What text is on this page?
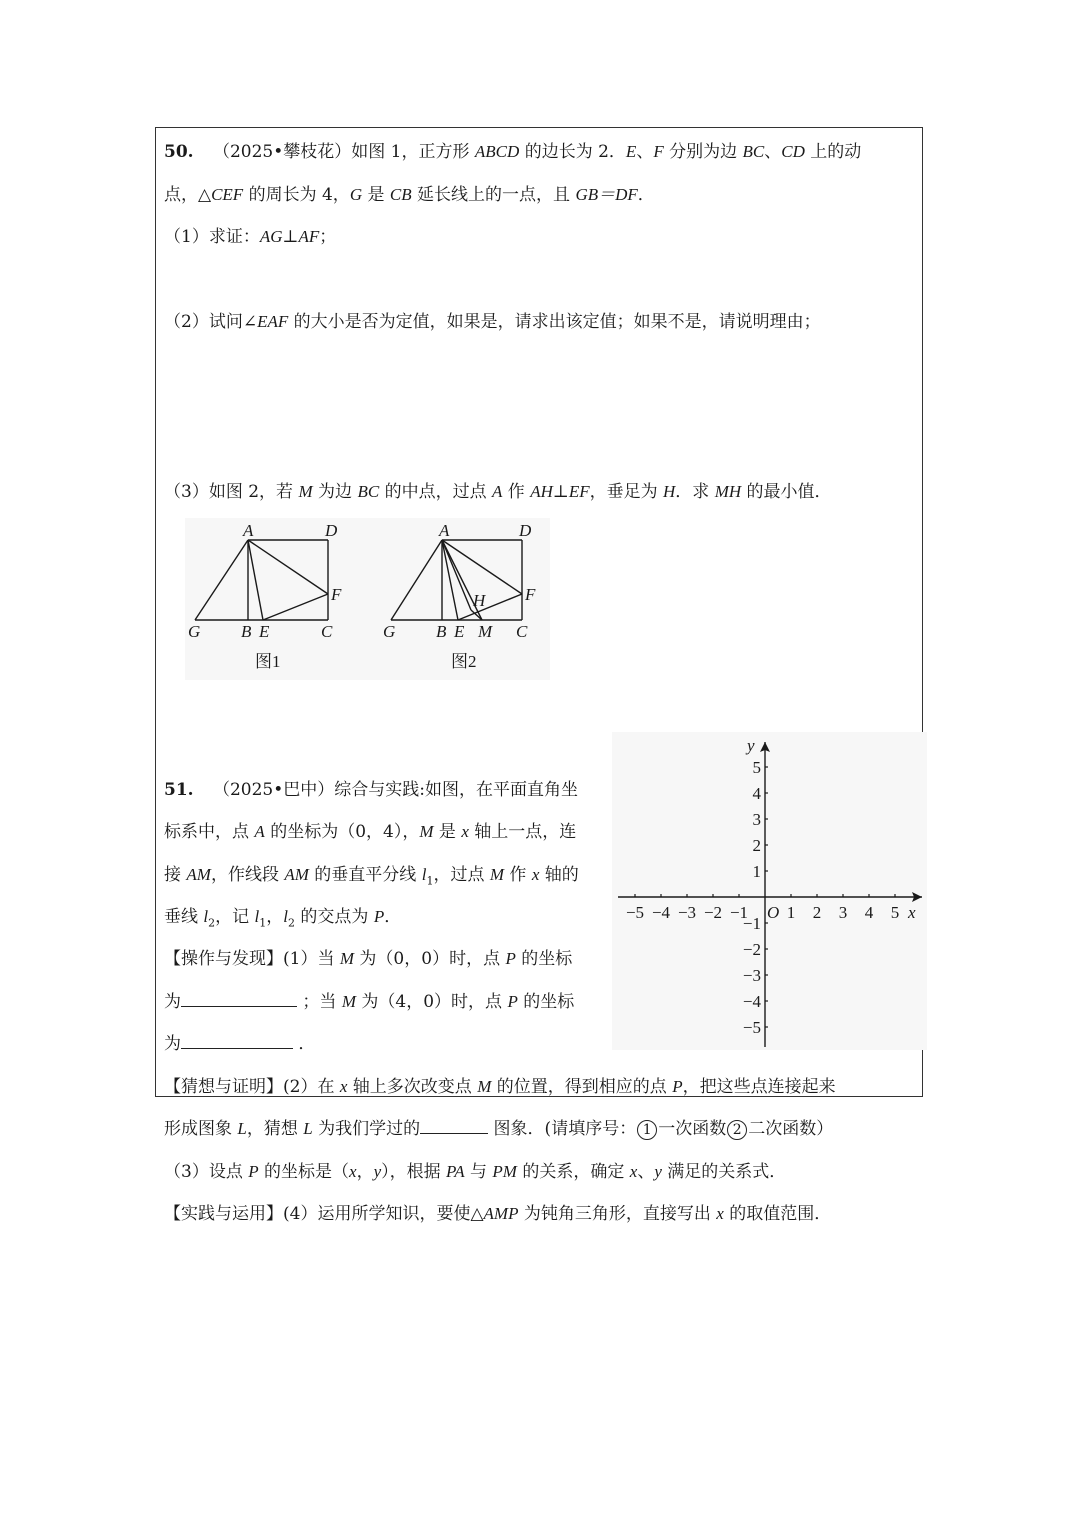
50. （2025•攀枝花）如图 1，正方形 ABCD 的边长为 2．E、F 分别为边 BC、CD 上的动
点，△CEF 的周长为 4，G 是 CB 延长线上的一点，且 GB＝DF．
（1）求证：AG⊥AF；
（2）试问∠EAF 的大小是否为定值，如果是，请求出该定值；如果不是，请说明理由；
（3）如图 2，若 M 为边 BC 的中点，过点 A 作 AH⊥EF，垂足为 H．求 MH 的最小值．
A	D
F
G B E	C
图1
A	D
F
H
G B E M C
图2
51. （2025•巴中）综合与实践:如图，在平面直角坐
标系中，点 A 的坐标为（0，4），M 是 x 轴上一点，连
接 AM，作线段 AM 的垂直平分线 $l_1$，过点 M 作 x 轴的
垂线 $l_2$，记 $l_1$，$l_2$ 的交点为 P．
【操作与发现】(1）当 M 为（0，0）时，点 P 的坐标
为	；当 M 为（4，0）时，点 P 的坐标
为	．
【猜想与证明】(2）在 x 轴上多次改变点 M 的位置，得到相应的点 P，把这些点连接起来
形成图象 L，猜想 L 为我们学过的	图象．(请填序号： 1 一次函数 2 二次函数）
（3）设点 P 的坐标是（x，y），根据 PA 与 PM 的关系，确定 x、y 满足的关系式．
【实践与运用】(4）运用所学知识，要使△AMP 为钝角三角形，直接写出 x 的取值范围．
x
y
O
−5 −4 −3 −2 −1 1 2 3 4 5
5
4
3
2
1
−1
−2
−3
−4
−5
